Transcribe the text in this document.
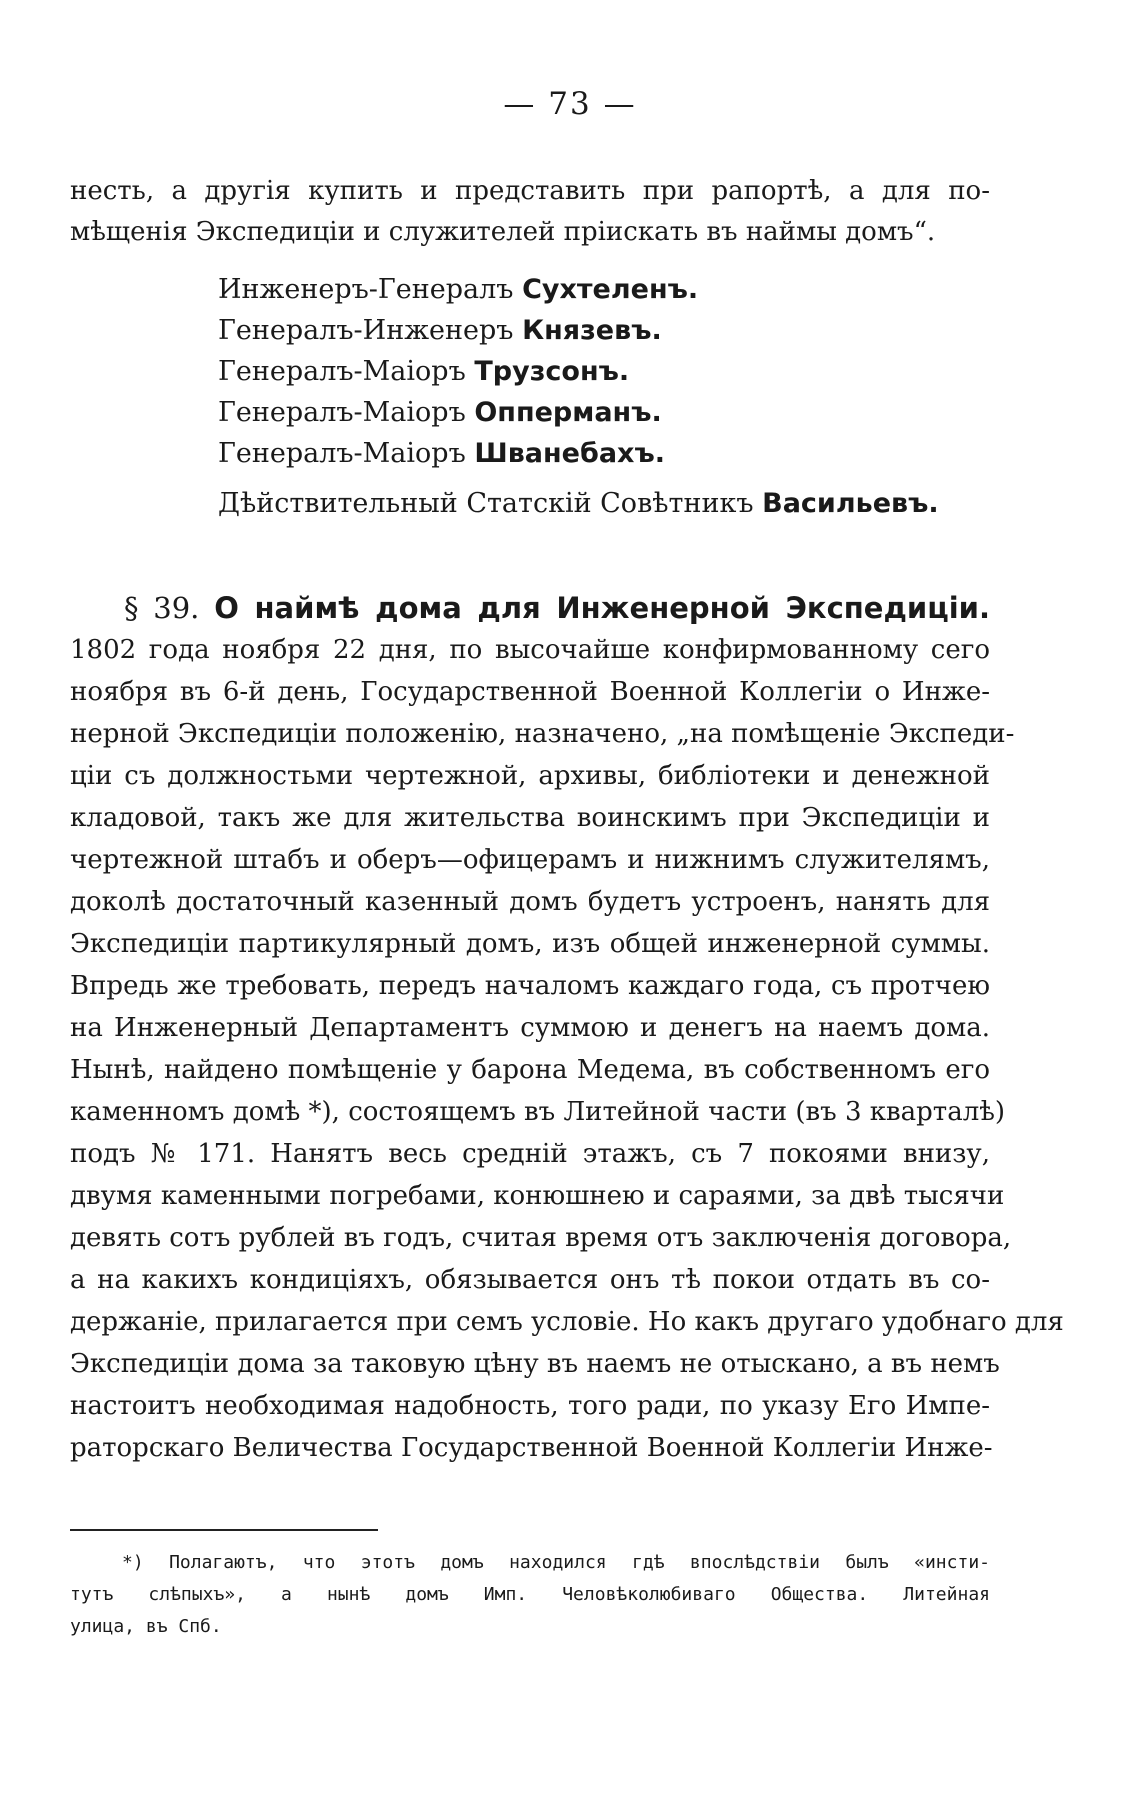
— 73 —
несть, а другія купить и представить при рапортѣ, а для по-
мѣщенія Экспедиціи и служителей пріискать въ наймы домъ“.
Инженеръ-Генералъ Сухтеленъ.
Генералъ-Инженеръ Князевъ.
Генералъ-Маіоръ Трузсонъ.
Генералъ-Маіоръ Опперманъ.
Генералъ-Маіоръ Шванебахъ.
Дѣйствительный Статскій Совѣтникъ Васильевъ.
§ 39. О наймѣ дома для Инженерной Экспедиціи.
1802 года ноября 22 дня, по высочайше конфирмованному сего
ноября въ 6-й день, Государственной Военной Коллегіи о Инже-
нерной Экспедиціи положенію, назначено, „на помѣщеніе Экспеди-
ціи съ должностьми чертежной, архивы, библіотеки и денежной
кладовой, такъ же для жительства воинскимъ при Экспедиціи и
чертежной штабъ и оберъ—офицерамъ и нижнимъ служителямъ,
доколѣ достаточный казенный домъ будетъ устроенъ, нанять для
Экспедиціи партикулярный домъ, изъ общей инженерной суммы.
Впредь же требовать, передъ началомъ каждаго года, съ протчею
на Инженерный Департаментъ суммою и денегъ на наемъ дома.
Нынѣ, найдено помѣщеніе у барона Медема, въ собственномъ его
каменномъ домѣ *), состоящемъ въ Литейной части (въ 3 кварталѣ)
подъ № 171. Нанятъ весь среднiй этажъ, съ 7 покоями внизу,
двумя каменными погребами, конюшнею и сараями, за двѣ тысячи
девять сотъ рублей въ годъ, считая время отъ заключенія договора,
а на какихъ кондиціяхъ, обязывается онъ тѣ покои отдать въ со-
держаніе, прилагается при семъ условіе. Но какъ другаго удобнаго для
Экспедиціи дома за таковую цѣну въ наемъ не отыскано, а въ немъ
настоитъ необходимая надобность, того ради, по указу Его Импе-
раторскаго Величества Государственной Военной Коллегіи Инже-
*) Полагаютъ, что этотъ домъ находился гдѣ впослѣдствіи былъ «инсти-
тутъ слѣпыхъ», а нынѣ домъ Имп. Человѣколюбиваго Общества. Литейная
улица, въ Спб.
